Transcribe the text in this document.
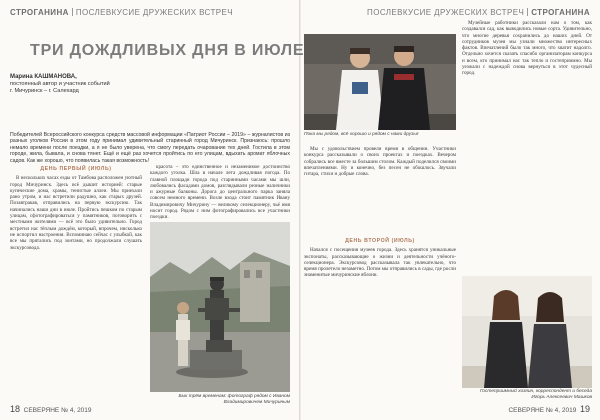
СТРОГАНИНА ПОСЛЕВКУСИЕ ДРУЖЕСКИХ ВСТРЕЧ
ТРИ ДОЖДЛИВЫХ ДНЯ В ИЮЛЕ
Марина КАШМАНОВА,
постоянный автор и участник событий
г. Мичуринск – г. Салехард
Победителей Всероссийского конкурса средств массовой информации «Патриот России – 2019» – журналистов из разных уголков России в этом году принимал удивительный старинный город Мичуринск. Признаюсь: прошло немало времени после поездки, а я не былo уверена, что смогу передать очарование тех дней. Гостила в этом городе, жила, бывала, и снова тянет. Ещё и ещё раз хочется пройтись по его улицам, вдыхать аромат яблочных садов. Как же хорошо, что появилась такая возможность!
ДЕНЬ ПЕРВЫЙ (ИЮЛЬ)

В нескольких часах езды от Тамбова расположен уютный город Мичуринск. Здесь всё дышит историей: старые купеческие дома, храмы, тенистые аллеи. Мы приехали рано утром, и нас встретили радушно, как старых друзей. Позавтракав, отправились на первую экскурсию. Так начинались наши дни в июле. Пройтись пешком по старым улицам, сфотографироваться у памятников, поговорить с местными жителями — всё это было удивительно. Город встретил нас тёплым дождём, который, впрочем, нисколько не испортил настроения. Вспоминаю сейчас с улыбкой, как все мы прятались под зонтами, но продолжали слушать экскурсовода.

красота – это единственное и незаменимое достоинство каждого уголка. Шла в начале лета дождливая погода. По главной площади города под старинными часами мы шли, любовались фасадами домов, разглядывали резные наличники и ажурные балконы. Дорога до центрального парка заняла совсем немного времени. Возле входа стоит памятник Ивану Владимировичу Мичурину — великому селекционеру, чьё имя носит город. Рядом с ним фотографировались все участники поездки.

Бык трём временам: фотограф рядом с Иваном Владимировичем Мичуриным
18 СЕВЕРЯНЕ № 4, 2019
ПОСЛЕВКУСИЕ ДРУЖЕСКИХ ВСТРЕЧ СТРОГАНИНА
Пока мы рядом, всё хорошо и рядом с нами друзья

Мы с удовольствием провели время в общении. Участники конкурса рассказывали о своих проектах и поездках. Вечером собрались все вместе за большим столом. Каждый поделился своими впечатлениями. Ну и конечно, без песен не обошлось. Звучали гитара, стихи и добрые слова.

ДЕНЬ ВТОРОЙ (ИЮЛЬ)

Начался с посещения музеев города. Здесь хранятся уникальные экспонаты, рассказывающие о жизни и деятельности учёного-селекционера. Экскурсовод рассказывала так увлекательно, что время пролетело незаметно. Потом мы отправились в сады, где росли знаменитые мичуринские яблони.

Музейные работники рассказали нам о том, как создавался сад, как выводились новые сорта. Удивительно, что многие деревья сохранились до наших дней. От сотрудников музея мы узнали множество интересных фактов. Впечатлений было так много, что хватит надолго. Отдельно хочется сказать спасибо организаторам конкурса и всем, кто принимал нас так тепло и гостеприимно. Мы уезжали с надеждой снова вернуться в этот чудесный город.

Гостеприимный хозяин, корреспондент и беседа
Игорь Алексеевич Машков
СЕВЕРЯНЕ № 4, 2019 19
